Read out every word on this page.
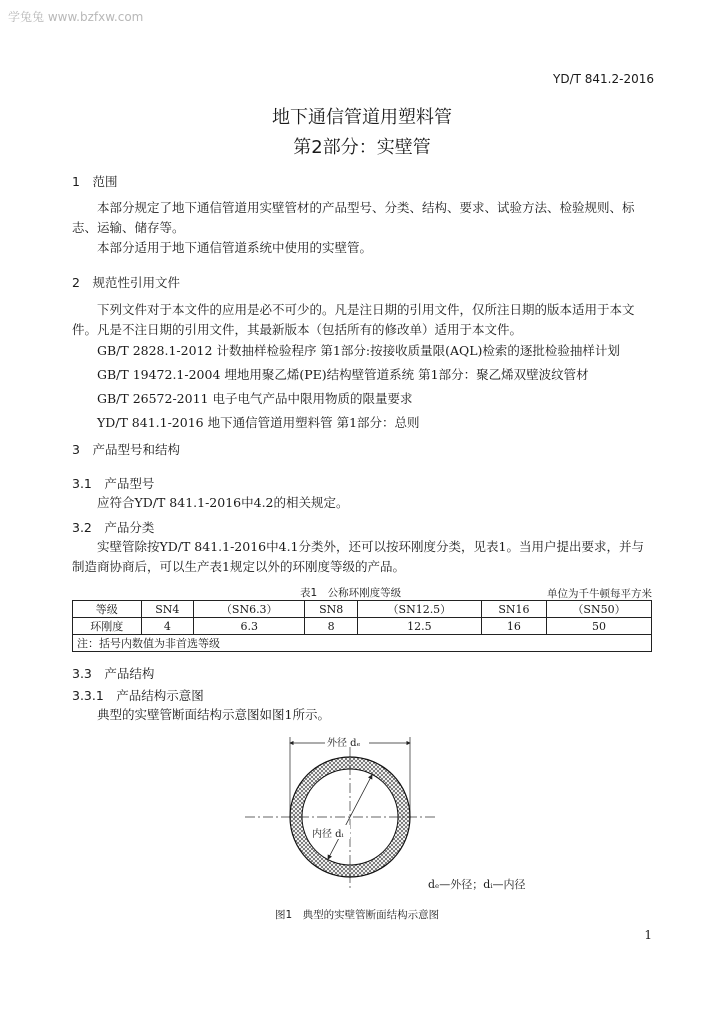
学兔兔 www.bzfxw.com
YD/T 841.2-2016
地下通信管道用塑料管
第2部分：实壁管
1　范围
本部分规定了地下通信管道用实壁管材的产品型号、分类、结构、要求、试验方法、检验规则、标志、运输、储存等。
本部分适用于地下通信管道系统中使用的实壁管。
2　规范性引用文件
下列文件对于本文件的应用是必不可少的。凡是注日期的引用文件，仅所注日期的版本适用于本文件。凡是不注日期的引用文件，其最新版本（包括所有的修改单）适用于本文件。
GB/T 2828.1-2012 计数抽样检验程序 第1部分:按接收质量限(AQL)检索的逐批检验抽样计划
GB/T 19472.1-2004 埋地用聚乙烯(PE)结构壁管道系统 第1部分：聚乙烯双壁波纹管材
GB/T 26572-2011 电子电气产品中限用物质的限量要求
YD/T 841.1-2016 地下通信管道用塑料管 第1部分：总则
3　产品型号和结构
3.1　产品型号
应符合YD/T 841.1-2016中4.2的相关规定。
3.2　产品分类
实壁管除按YD/T 841.1-2016中4.1分类外，还可以按环刚度分类，见表1。当用户提出要求，并与制造商协商后，可以生产表1规定以外的环刚度等级的产品。
表1　公称环刚度等级	单位为千牛顿每平方米
等级	SN4	（SN6.3）	SN8	（SN12.5）	SN16	（SN50）
环刚度	4	6.3	8	12.5	16	50
注：括号内数值为非首选等级						
3.3　产品结构
3.3.1　产品结构示意图
典型的实壁管断面结构示意图如图1所示。
外径 dₑ
内径 dᵢ
dₑ—外径；dᵢ—内径
图1　典型的实壁管断面结构示意图
1
